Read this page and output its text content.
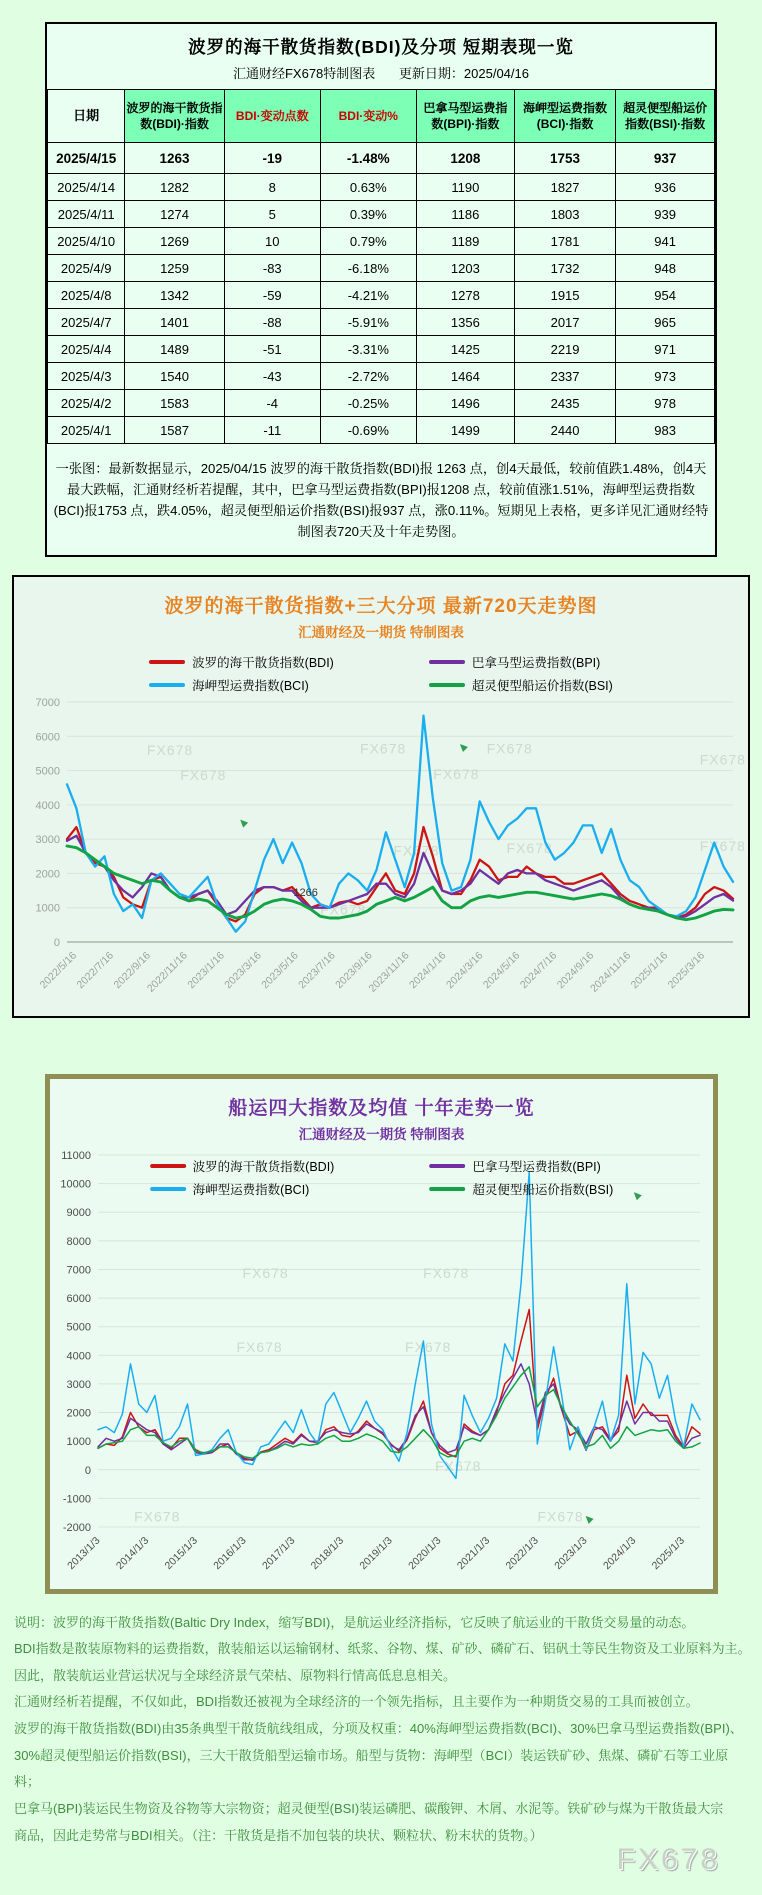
波罗的海干散货指数(BDI)及分项 短期表现一览
汇通财经FX678特制图表 更新日期：2025/04/16
日期	波罗的海干散货指数(BDI)·指数	BDI·变动点数	BDI·变动%	巴拿马型运费指数(BPI)·指数	海岬型运费指数(BCI)·指数	超灵便型船运价指数(BSI)·指数
2025/4/15	1263	-19	-1.48%	1208	1753	937
2025/4/14	1282	8	0.63%	1190	1827	936
2025/4/11	1274	5	0.39%	1186	1803	939
2025/4/10	1269	10	0.79%	1189	1781	941
2025/4/9	1259	-83	-6.18%	1203	1732	948
2025/4/8	1342	-59	-4.21%	1278	1915	954
2025/4/7	1401	-88	-5.91%	1356	2017	965
2025/4/4	1489	-51	-3.31%	1425	2219	971
2025/4/3	1540	-43	-2.72%	1464	2337	973
2025/4/2	1583	-4	-0.25%	1496	2435	978
2025/4/1	1587	-11	-0.69%	1499	2440	983
一张图：最新数据显示，2025/04/15 波罗的海干散货指数(BDI)报 1263 点，创4天最低，较前值跌1.48%，创4天最大跌幅，汇通财经析若提醒，其中，巴拿马型运费指数(BPI)报1208 点，较前值涨1.51%，海岬型运费指数(BCI)报1753 点，跌4.05%，超灵便型船运价指数(BSI)报937 点，涨0.11%。短期见上表格，更多详见汇通财经特制图表720天及十年走势图。
波罗的海干散货指数+三大分项 最新720天走势图
汇通财经及一期货 特制图表
波罗的海干散货指数(BDI)	巴拿马型运费指数(BPI)
海岬型运费指数(BCI)	超灵便型船运价指数(BSI)
0
1000
2000
3000
4000
5000
6000
7000
2022/5/16
2022/7/16
2022/9/16
2022/11/16
2023/1/16
2023/3/16
2023/5/16
2023/7/16
2023/9/16
2023/11/16
2024/1/16
2024/3/16
2024/5/16
2024/7/16
2024/9/16
2024/11/16
2025/1/16
2025/3/16
FX678	FX678	FX678
FX678
FX678	FX678
FX678	FX678	FX678
FX678
1266
船运四大指数及均值 十年走势一览
汇通财经及一期货 特制图表
波罗的海干散货指数(BDI)	巴拿马型运费指数(BPI)
海岬型运费指数(BCI)	超灵便型船运价指数(BSI)
-2000
-1000
0
1000
2000
3000
4000
5000
6000
7000
8000
9000
10000
11000
2013/1/3 2014/1/3 2015/1/3 2016/1/3 2017/1/3 2018/1/3 2019/1/3 2020/1/3 2021/1/3 2022/1/3 2023/1/3 2024/1/3 2025/1/3
FX678	FX678
FX678	FX678
FX678
FX678	FX678
说明：波罗的海干散货指数(Baltic Dry Index，缩写BDI)，是航运业经济指标，它反映了航运业的干散货交易量的动态。
BDI指数是散装原物料的运费指数，散装船运以运输钢材、纸浆、谷物、煤、矿砂、磷矿石、铝矾土等民生物资及工业原料为主。
因此，散装航运业营运状况与全球经济景气荣枯、原物料行情高低息息相关。
汇通财经析若提醒，不仅如此，BDI指数还被视为全球经济的一个领先指标，且主要作为一种期货交易的工具而被创立。
波罗的海干散货指数(BDI)由35条典型干散货航线组成，分项及权重：40%海岬型运费指数(BCI)、30%巴拿马型运费指数(BPI)、
30%超灵便型船运价指数(BSI)，三大干散货船型运输市场。船型与货物：海岬型（BCI）装运铁矿砂、焦煤、磷矿石等工业原料；
巴拿马(BPI)装运民生物资及谷物等大宗物资；超灵便型(BSI)装运磷肥、碳酸钾、木屑、水泥等。铁矿砂与煤为干散货最大宗
商品，因此走势常与BDI相关。（注：干散货是指不加包装的块状、颗粒状、粉末状的货物。）
FX678
